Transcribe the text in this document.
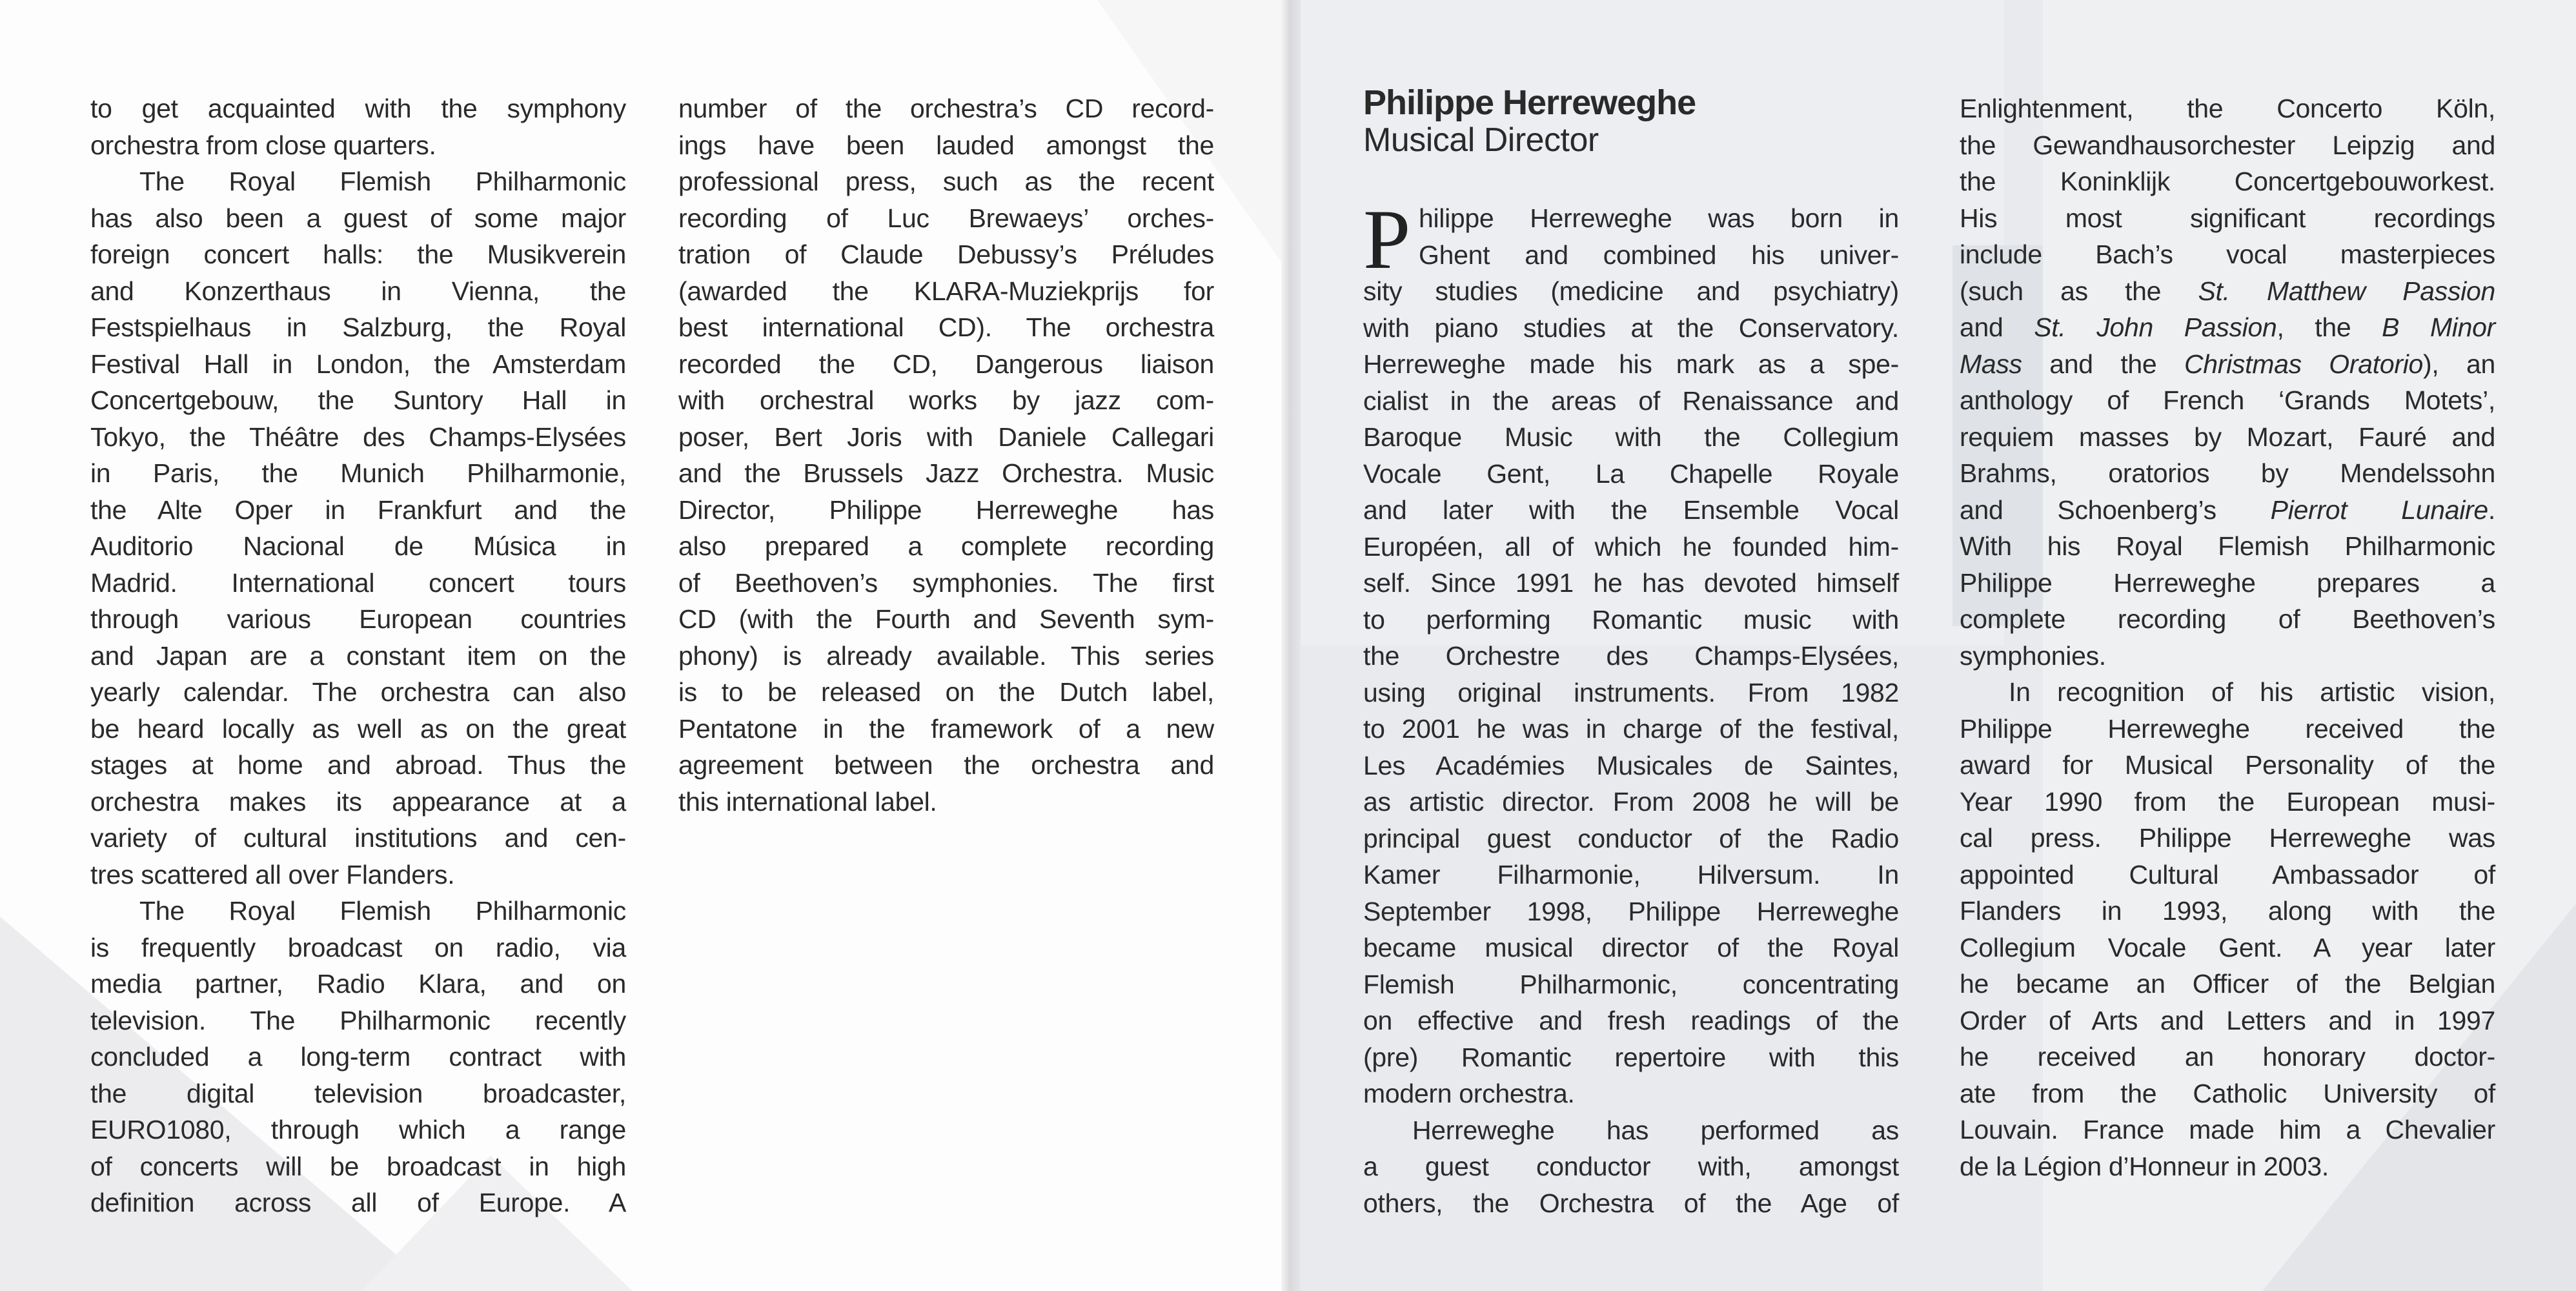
to get acquainted with the symphony
orchestra from close quarters.
The Royal Flemish Philharmonic
has also been a guest of some major
foreign concert halls: the Musikverein
and Konzerthaus in Vienna, the
Festspielhaus in Salzburg, the Royal
Festival Hall in London, the Amsterdam
Concertgebouw, the Suntory Hall in
Tokyo, the Théâtre des Champs-Elysées
in Paris, the Munich Philharmonie,
the Alte Oper in Frankfurt and the
Auditorio Nacional de Música in
Madrid. International concert tours
through various European countries
and Japan are a constant item on the
yearly calendar. The orchestra can also
be heard locally as well as on the great
stages at home and abroad. Thus the
orchestra makes its appearance at a
variety of cultural institutions and cen-
tres scattered all over Flanders.
The Royal Flemish Philharmonic
is frequently broadcast on radio, via
media partner, Radio Klara, and on
television. The Philharmonic recently
concluded a long-term contract with
the digital television broadcaster,
EURO1080, through which a range
of concerts will be broadcast in high
definition across all of Europe. A
number of the orchestra’s CD record-
ings have been lauded amongst the
professional press, such as the recent
recording of Luc Brewaeys’ orches-
tration of Claude Debussy’s Préludes
(awarded the KLARA-Muziekprijs for
best international CD). The orchestra
recorded the CD, Dangerous liaison
with orchestral works by jazz com-
poser, Bert Joris with Daniele Callegari
and the Brussels Jazz Orchestra. Music
Director, Philippe Herreweghe has
also prepared a complete recording
of Beethoven’s symphonies. The first
CD (with the Fourth and Seventh sym-
phony) is already available. This series
is to be released on the Dutch label,
Pentatone in the framework of a new
agreement between the orchestra and
this international label.
Philippe Herreweghe
Musical Director
P hilippe Herreweghe was born in
Ghent and combined his univer-
sity studies (medicine and psychiatry)
with piano studies at the Conservatory.
Herreweghe made his mark as a spe-
cialist in the areas of Renaissance and
Baroque Music with the Collegium
Vocale Gent, La Chapelle Royale
and later with the Ensemble Vocal
Européen, all of which he founded him-
self. Since 1991 he has devoted himself
to performing Romantic music with
the Orchestre des Champs-Elysées,
using original instruments. From 1982
to 2001 he was in charge of the festival,
Les Académies Musicales de Saintes,
as artistic director. From 2008 he will be
principal guest conductor of the Radio
Kamer Filharmonie, Hilversum. In
September 1998, Philippe Herreweghe
became musical director of the Royal
Flemish Philharmonic, concentrating
on effective and fresh readings of the
(pre) Romantic repertoire with this
modern orchestra.
Herreweghe has performed as
a guest conductor with, amongst
others, the Orchestra of the Age of
Enlightenment, the Concerto Köln,
the Gewandhausorchester Leipzig and
the Koninklijk Concertgebouworkest.
His most significant recordings
include Bach’s vocal masterpieces
(such as the St. Matthew Passion
and St. John Passion, the B Minor
Mass and the Christmas Oratorio), an
anthology of French ‘Grands Motets’,
requiem masses by Mozart, Fauré and
Brahms, oratorios by Mendelssohn
and Schoenberg’s Pierrot Lunaire.
With his Royal Flemish Philharmonic
Philippe Herreweghe prepares a
complete recording of Beethoven’s
symphonies.
In recognition of his artistic vision,
Philippe Herreweghe received the
award for Musical Personality of the
Year 1990 from the European musi-
cal press. Philippe Herreweghe was
appointed Cultural Ambassador of
Flanders in 1993, along with the
Collegium Vocale Gent. A year later
he became an Officer of the Belgian
Order of Arts and Letters and in 1997
he received an honorary doctor-
ate from the Catholic University of
Louvain. France made him a Chevalier
de la Légion d’Honneur in 2003.
